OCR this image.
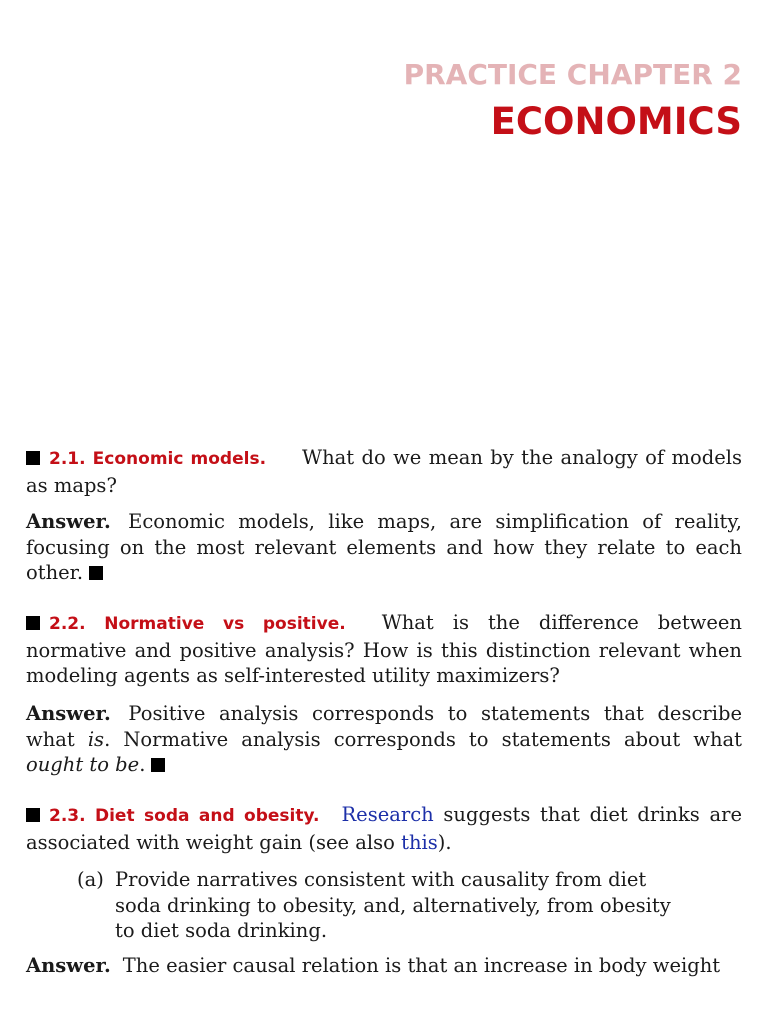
PRACTICE CHAPTER 2
ECONOMICS
2.1. Economic models. What do we mean by the analogy of models as maps?
Answer. Economic models, like maps, are simplification of reality, focusing on the most relevant elements and how they relate to each other.
2.2. Normative vs positive. What is the difference between normative and positive analysis? How is this distinction relevant when modeling agents as self-interested utility maximizers?
Answer. Positive analysis corresponds to statements that describe what is. Normative analysis corresponds to statements about what ought to be.
2.3. Diet soda and obesity. Research suggests that diet drinks are associated with weight gain (see also this).
(a) Provide narratives consistent with causality from diet
soda drinking to obesity, and, alternatively, from obesity
to diet soda drinking.
Answer. The easier causal relation is that an increase in body weight
